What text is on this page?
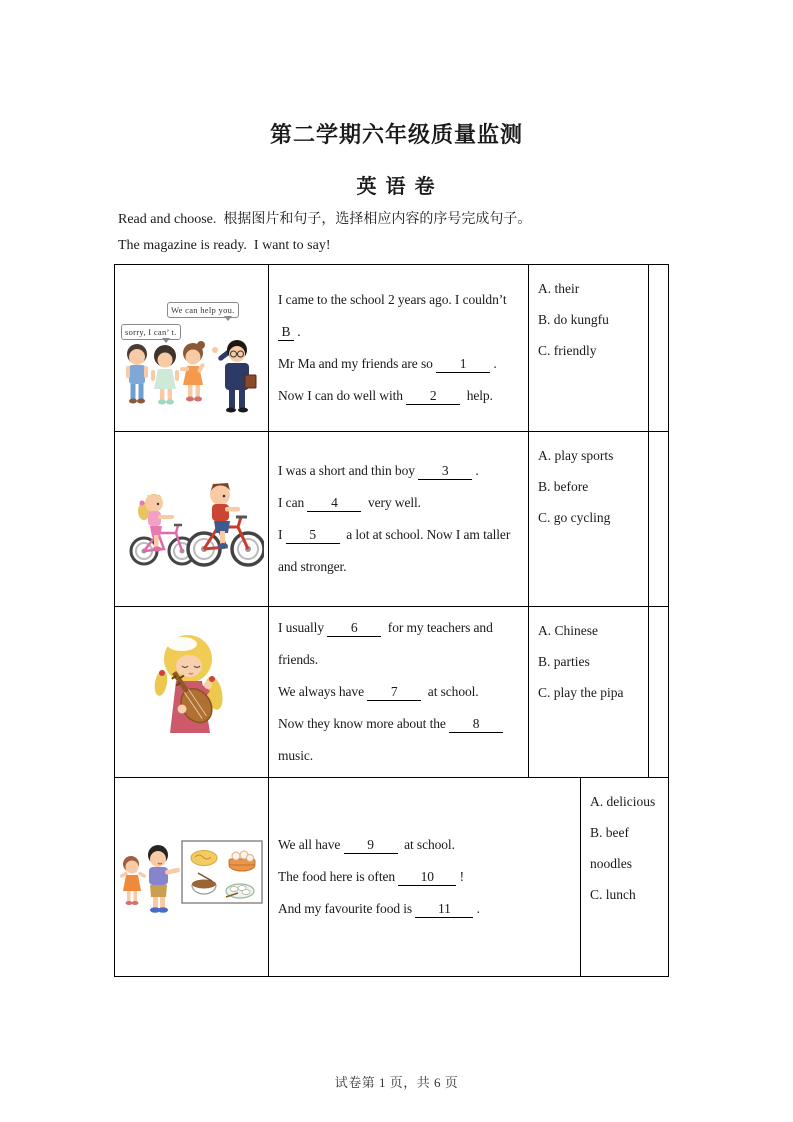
第二学期六年级质量监测
英 语 卷
Read and choose.  根据图片和句子，选择相应内容的序号完成句子。
The magazine is ready.  I want to say!
We can help you.
sorry, I can’ t.
I came to the school 2 years ago. I couldn’t
B .
Mr Ma and my friends are so 1 .
Now I can do well with 2  help.
A. their
B. do kungfu
C. friendly
I was a short and thin boy 3 .
I can 4  very well.
I 5  a lot at school. Now I am taller
and stronger.
A. play sports
B. before
C. go cycling
I usually 6  for my teachers and
friends.
We always have 7  at school.
Now they know more about the 8
music.
A. Chinese
B. parties
C. play the pipa
We all have 9  at school.
The food here is often 10 !
And my favourite food is 11 .
A. delicious
B. beef noodles
C. lunch
试卷第 1 页，共 6 页
